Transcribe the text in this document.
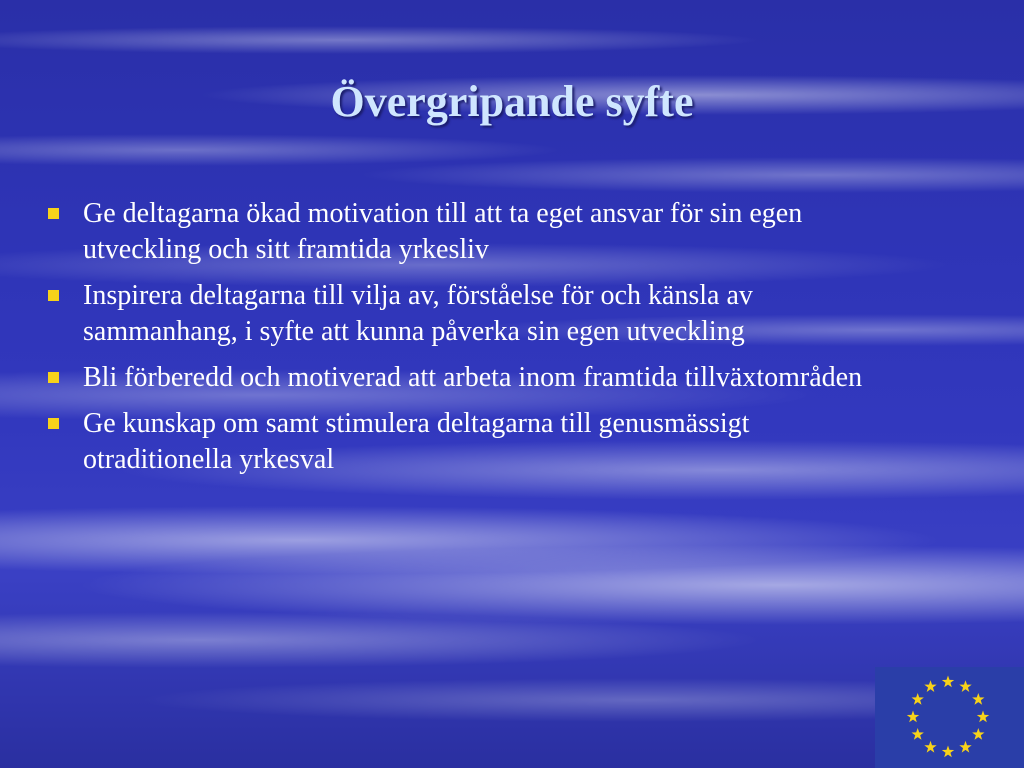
Övergripande syfte
Ge deltagarna ökad motivation till att ta eget ansvar för sin egen utveckling och sitt framtida yrkesliv
Inspirera deltagarna till vilja av, förståelse för och känsla av sammanhang, i syfte att kunna påverka sin egen utveckling
Bli förberedd och motiverad att arbeta inom framtida tillväxtområden
Ge kunskap om samt stimulera deltagarna till genusmässigt otraditionella yrkesval
